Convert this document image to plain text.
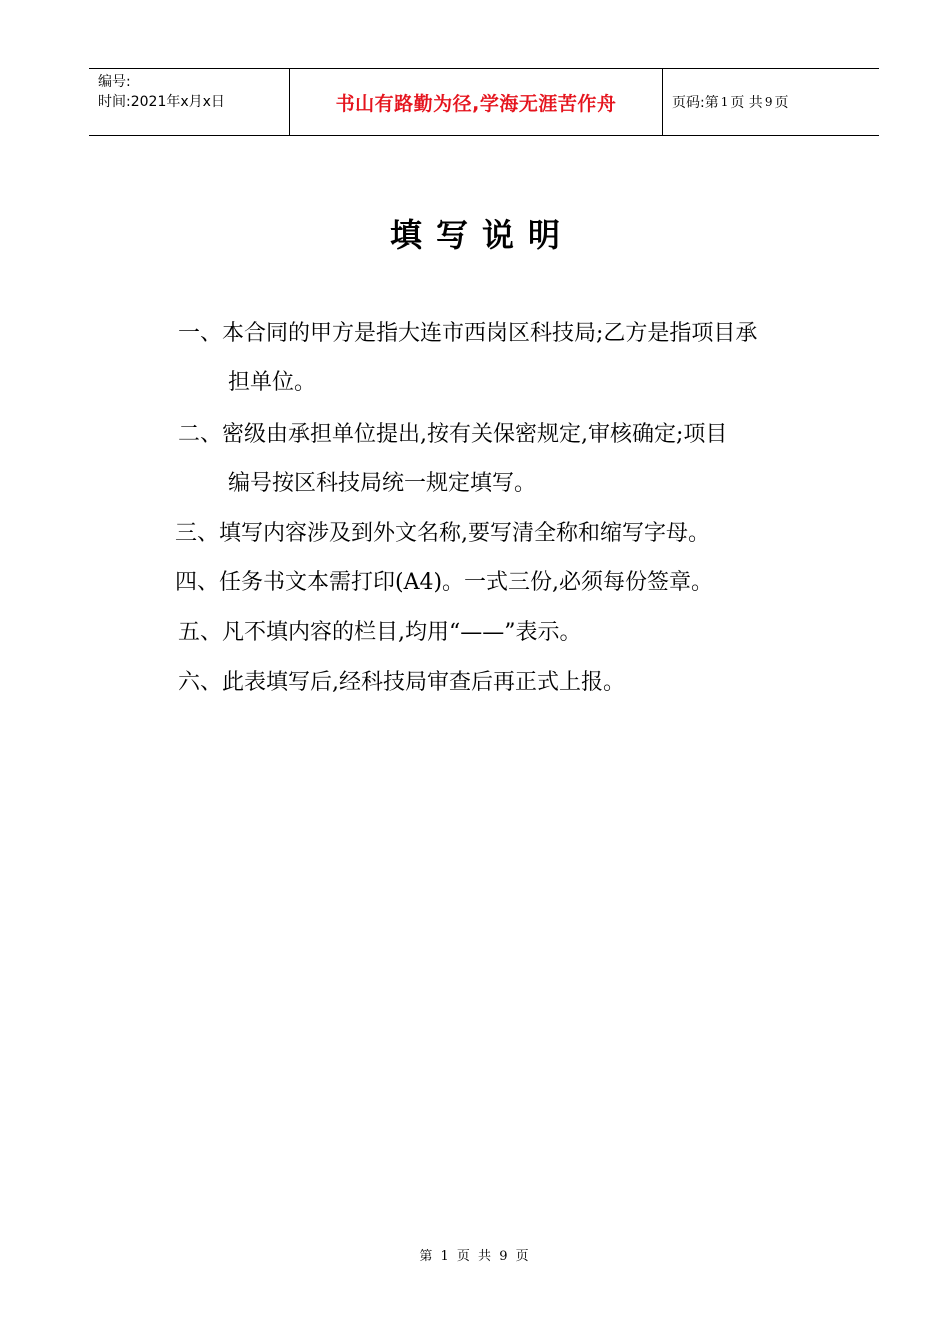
编号:
时间:2021年x月x日	书山有路勤为径,学海无涯苦作舟	页码:第 1 页 共 9 页
填写说明
一、本合同的甲方是指大连市西岗区科技局;乙方是指项目承
担单位。
二、密级由承担单位提出,按有关保密规定,审核确定;项目
编号按区科技局统一规定填写。
三、填写内容涉及到外文名称,要写清全称和缩写字母。
四、任务书文本需打印(A4)。一式三份,必须每份签章。
五、凡不填内容的栏目,均用“——”表示。
六、此表填写后,经科技局审查后再正式上报。
第 1 页 共 9 页
